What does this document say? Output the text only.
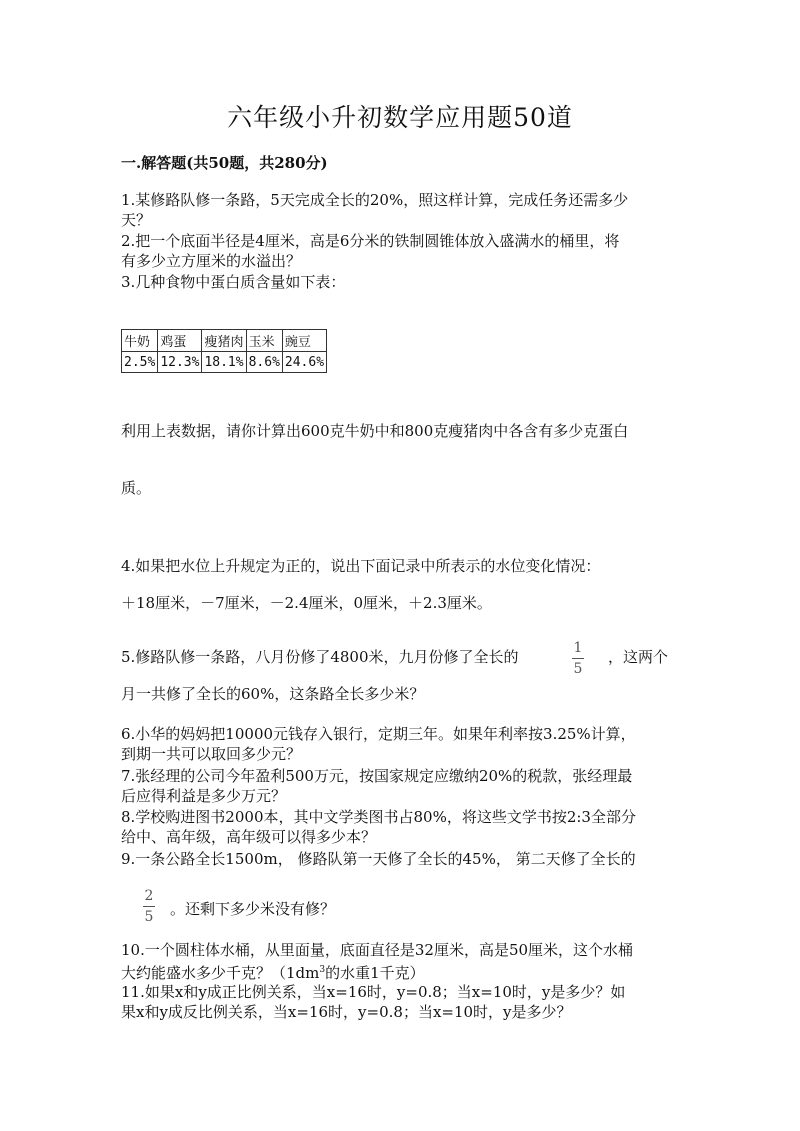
六年级小升初数学应用题50道
一.解答题(共50题，共280分)
1.某修路队修一条路，5天完成全长的20%，照这样计算，完成任务还需多少
天？
2.把一个底面半径是4厘米，高是6分米的铁制圆锥体放入盛满水的桶里，将
有多少立方厘米的水溢出？
3.几种食物中蛋白质含量如下表：
牛奶	鸡蛋	瘦猪肉	玉米	豌豆
2.5%	12.3%	18.1%	8.6%	24.6%
利用上表数据，请你计算出600克牛奶中和800克瘦猪肉中各含有多少克蛋白
质。
4.如果把水位上升规定为正的，说出下面记录中所表示的水位变化情况：
＋18厘米，－7厘米，－2.4厘米，0厘米，＋2.3厘米。
5.修路队修一条路，八月份修了4800米，九月份修了全长的	1
5
，这两个
月一共修了全长的60%，这条路全长多少米？
6.小华的妈妈把10000元钱存入银行，定期三年。如果年利率按3.25%计算，
到期一共可以取回多少元？
7.张经理的公司今年盈利500万元，按国家规定应缴纳20%的税款，张经理最
后应得利益是多少万元？
8.学校购进图书2000本，其中文学类图书占80%，将这些文学书按2:3全部分
给中、高年级，高年级可以得多少本？
9.一条公路全长1500m， 修路队第一天修了全长的45%， 第二天修了全长的
2
5 。还剩下多少米没有修？
10.一个圆柱体水桶，从里面量，底面直径是32厘米，高是50厘米，这个水桶
大约能盛水多少千克？（$1dm^3$的水重1千克）
11.如果x和y成正比例关系，当x=16时，y=0.8；当x=10时，y是多少？如
果x和y成反比例关系，当x=16时，y=0.8；当x=10时，y是多少？
